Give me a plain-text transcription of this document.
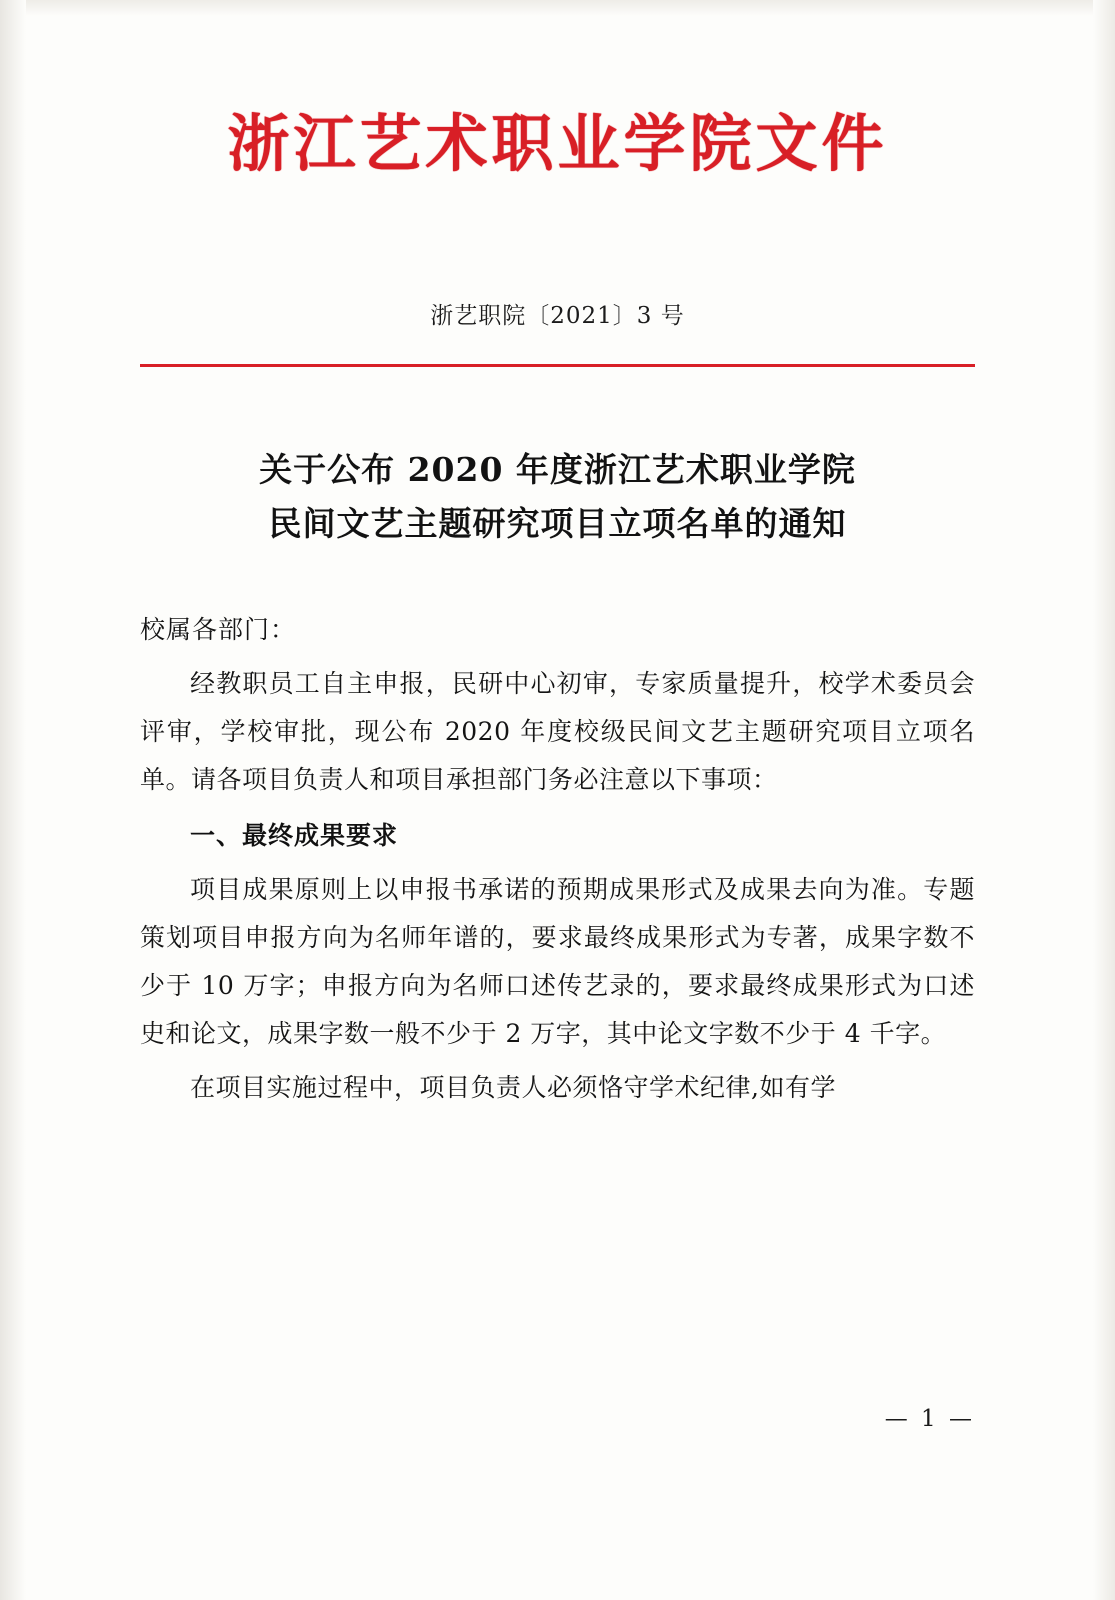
浙江艺术职业学院文件
浙艺职院〔2021〕3 号
关于公布 2020 年度浙江艺术职业学院
民间文艺主题研究项目立项名单的通知
校属各部门：
经教职员工自主申报，民研中心初审，专家质量提升，校学术委员会评审，学校审批，现公布 2020 年度校级民间文艺主题研究项目立项名单。请各项目负责人和项目承担部门务必注意以下事项：
一、最终成果要求
项目成果原则上以申报书承诺的预期成果形式及成果去向为准。专题策划项目申报方向为名师年谱的，要求最终成果形式为专著，成果字数不少于 10 万字；申报方向为名师口述传艺录的，要求最终成果形式为口述史和论文，成果字数一般不少于 2 万字，其中论文字数不少于 4 千字。
在项目实施过程中，项目负责人必须恪守学术纪律,如有学
— 1 —
